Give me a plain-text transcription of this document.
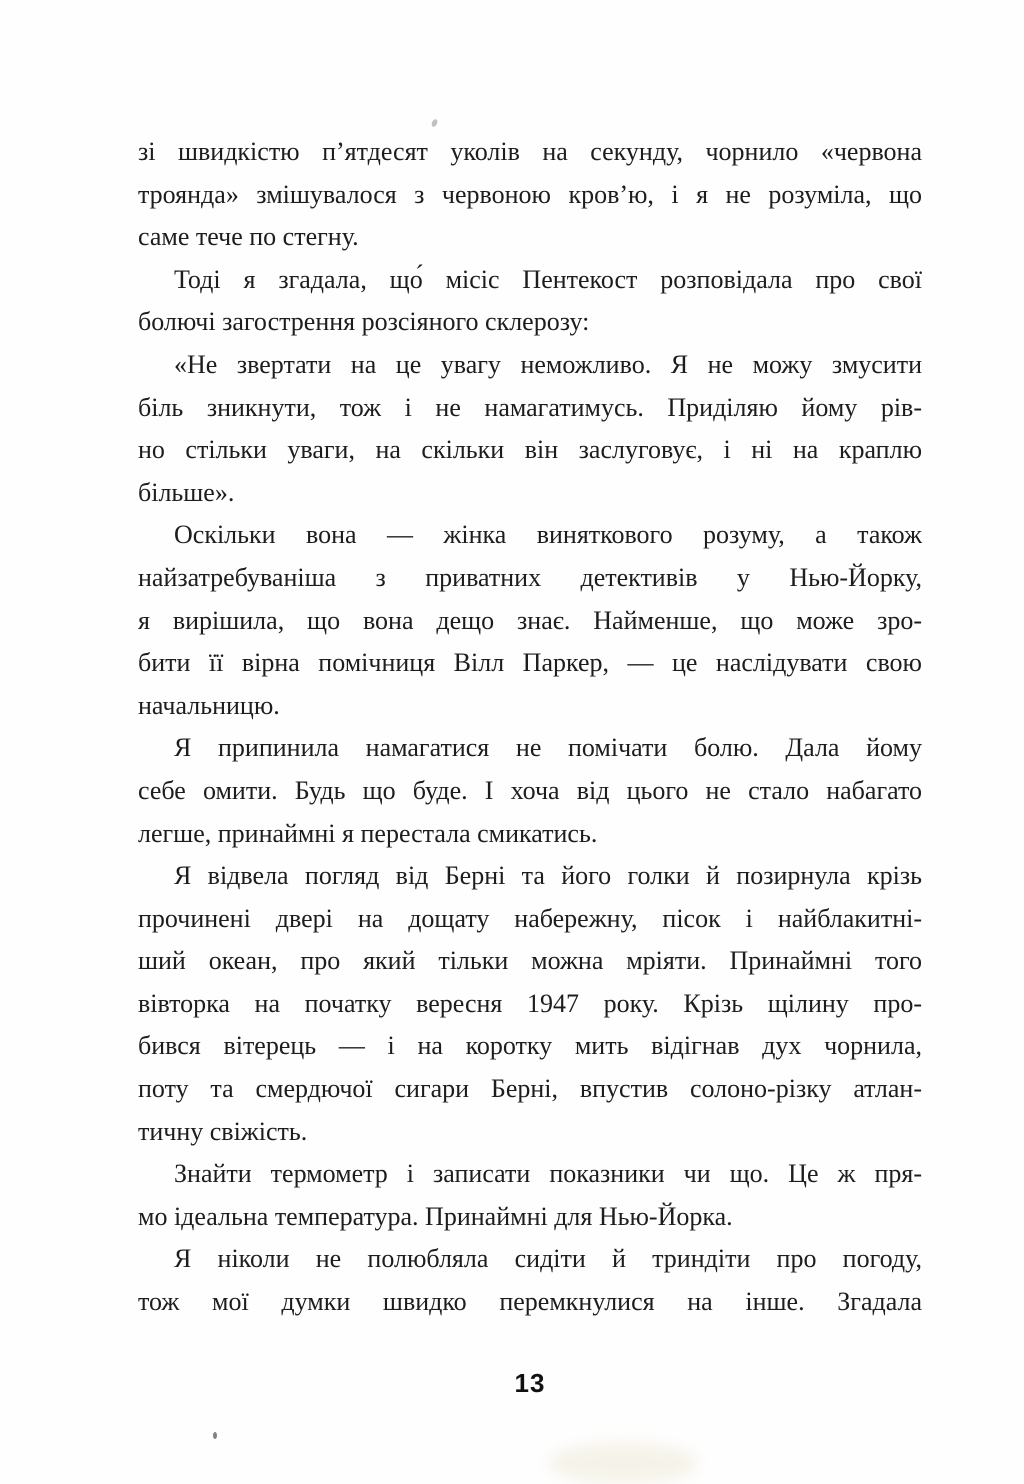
зі швидкістю п’ятдесят уколів на секунду, чорнило «червона
троянда» змішувалося з червоною кров’ю, і я не розуміла, що
саме тече по стегну.
Тоді я згадала, що́ місіс Пентекост розповідала про свої
болючі загострення розсіяного склерозу:
«Не звертати на це увагу неможливо. Я не можу змусити
біль зникнути, тож і не намагатимусь. Приділяю йому рів-
но стільки уваги, на скільки він заслуговує, і ні на краплю
більше».
Оскільки вона — жінка виняткового розуму, а також
найзатребуваніша з приватних детективів у Нью-Йорку,
я вирішила, що вона дещо знає. Найменше, що може зро-
бити її вірна помічниця Вілл Паркер, — це наслідувати свою
начальницю.
Я припинила намагатися не помічати болю. Дала йому
себе омити. Будь що буде. І хоча від цього не стало набагато
легше, принаймні я перестала смикатись.
Я відвела погляд від Берні та його голки й позирнула крізь
прочинені двері на дощату набережну, пісок і найблакитні-
ший океан, про який тільки можна мріяти. Принаймні того
вівторка на початку вересня 1947 року. Крізь щілину про-
бився вітерець — і на коротку мить відігнав дух чорнила,
поту та смердючої сигари Берні, впустив солоно-різку атлан-
тичну свіжість.
Знайти термометр і записати показники чи що. Це ж пря-
мо ідеальна температура. Принаймні для Нью-Йорка.
Я ніколи не полюбляла сидіти й триндіти про погоду,
тож мої думки швидко перемкнулися на інше. Згадала
13
